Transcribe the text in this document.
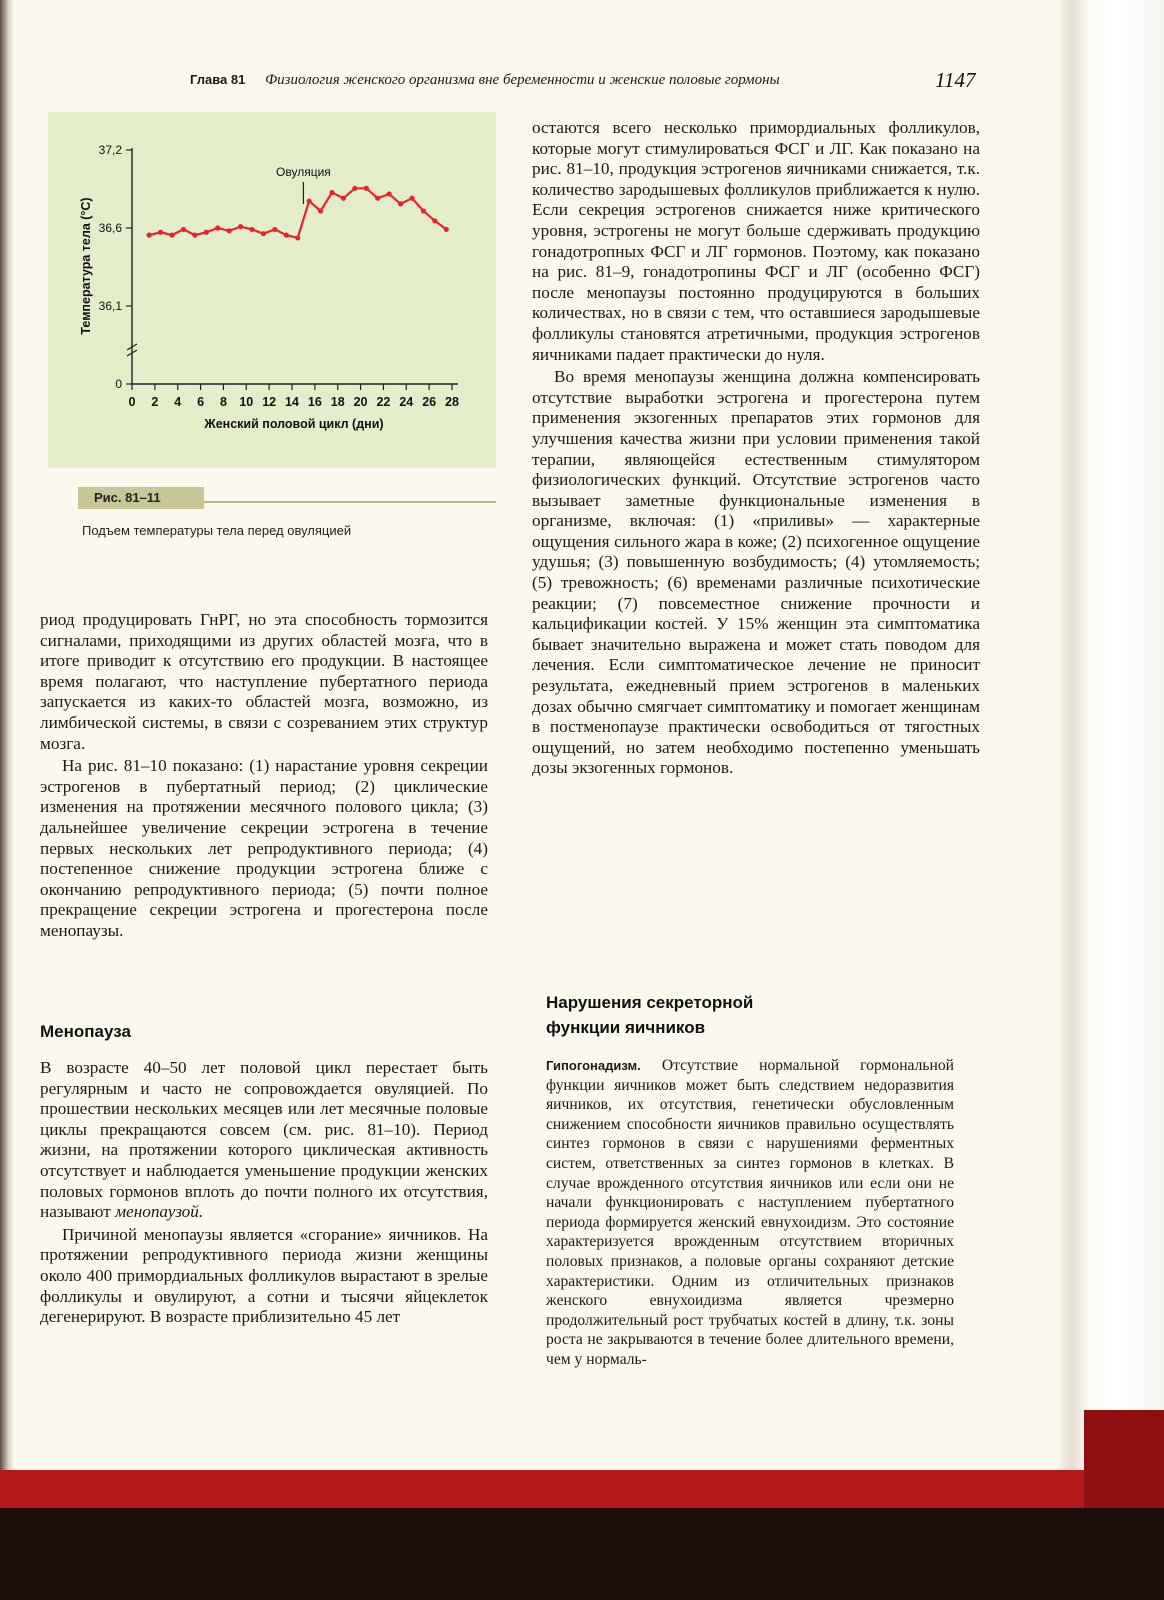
Глава 81 Физиология женского организма вне беременности и женские половые гормоны	1147
0
36,1
36,6
37,2
0 2 4 6 8 10 12 14 16 18 20 22 24 26 28
Женский половой цикл (дни)
Температура тела (°C)
Овуляция
Рис. 81–11
Подъем температуры тела перед овуляцией

риод продуцировать ГнРГ, но эта способность тормозится сигналами, приходящими из других областей мозга, что в итоге приводит к отсутствию его продукции. В настоящее время полагают, что наступление пубертатного периода запускается из каких-то областей мозга, возможно, из лимбической системы, в связи с созреванием этих структур мозга.

На рис. 81–10 показано: (1) нарастание уровня секреции эстрогенов в пубертатный период; (2) циклические изменения на протяжении месячного полового цикла; (3) дальнейшее увеличение секреции эстрогена в течение первых нескольких лет репродуктивного периода; (4) постепенное снижение продукции эстрогена ближе с окончанию репродуктивного периода; (5) почти полное прекращение секреции эстрогена и прогестерона после менопаузы.

Менопауза

В возрасте 40–50 лет половой цикл перестает быть регулярным и часто не сопровождается овуляцией. По прошествии нескольких месяцев или лет месячные половые циклы прекращаются совсем (см. рис. 81–10). Период жизни, на протяжении которого циклическая активность отсутствует и наблюдается уменьшение продукции женских половых гормонов вплоть до почти полного их отсутствия, называют менопаузой.

Причиной менопаузы является «сгорание» яичников. На протяжении репродуктивного периода жизни женщины около 400 примордиальных фолликулов вырастают в зрелые фолликулы и овулируют, а сотни и тысячи яйцеклеток дегенерируют. В возрасте приблизительно 45 лет

остаются всего несколько примордиальных фолликулов, которые могут стимулироваться ФСГ и ЛГ. Как показано на рис. 81–10, продукция эстрогенов яичниками снижается, т.к. количество зародышевых фолликулов приближается к нулю. Если секреция эстрогенов снижается ниже критического уровня, эстрогены не могут больше сдерживать продукцию гонадотропных ФСГ и ЛГ гормонов. Поэтому, как показано на рис. 81–9, гонадотропины ФСГ и ЛГ (особенно ФСГ) после менопаузы постоянно продуцируются в больших количествах, но в связи с тем, что оставшиеся зародышевые фолликулы становятся атретичными, продукция эстрогенов яичниками падает практически до нуля.

Во время менопаузы женщина должна компенсировать отсутствие выработки эстрогена и прогестерона путем применения экзогенных препаратов этих гормонов для улучшения качества жизни при условии применения такой терапии, являющейся естественным стимулятором физиологических функций. Отсутствие эстрогенов часто вызывает заметные функциональные изменения в организме, включая: (1) «приливы» — характерные ощущения сильного жара в коже; (2) психогенное ощущение удушья; (3) повышенную возбудимость; (4) утомляемость; (5) тревожность; (6) временами различные психотические реакции; (7) повсеместное снижение прочности и кальцификации костей. У 15% женщин эта симптоматика бывает значительно выражена и может стать поводом для лечения. Если симптоматическое лечение не приносит результата, ежедневный прием эстрогенов в маленьких дозах обычно смягчает симптоматику и помогает женщинам в постменопаузе практически освободиться от тягостных ощущений, но затем необходимо постепенно уменьшать дозы экзогенных гормонов.

Нарушения секреторной
функции яичников

Гипогонадизм. Отсутствие нормальной гормональной функции яичников может быть следствием недоразвития яичников, их отсутствия, генетически обусловленным снижением способности яичников правильно осуществлять синтез гормонов в связи с нарушениями ферментных систем, ответственных за синтез гормонов в клетках. В случае врожденного отсутствия яичников или если они не начали функционировать с наступлением пубертатного периода формируется женский евнухоидизм. Это состояние характеризуется врожденным отсутствием вторичных половых признаков, а половые органы сохраняют детские характеристики. Одним из отличительных признаков женского евнухоидизма является чрезмерно продолжительный рост трубчатых костей в длину, т.к. зоны роста не закрываются в течение более длительного времени, чем у нормаль-
